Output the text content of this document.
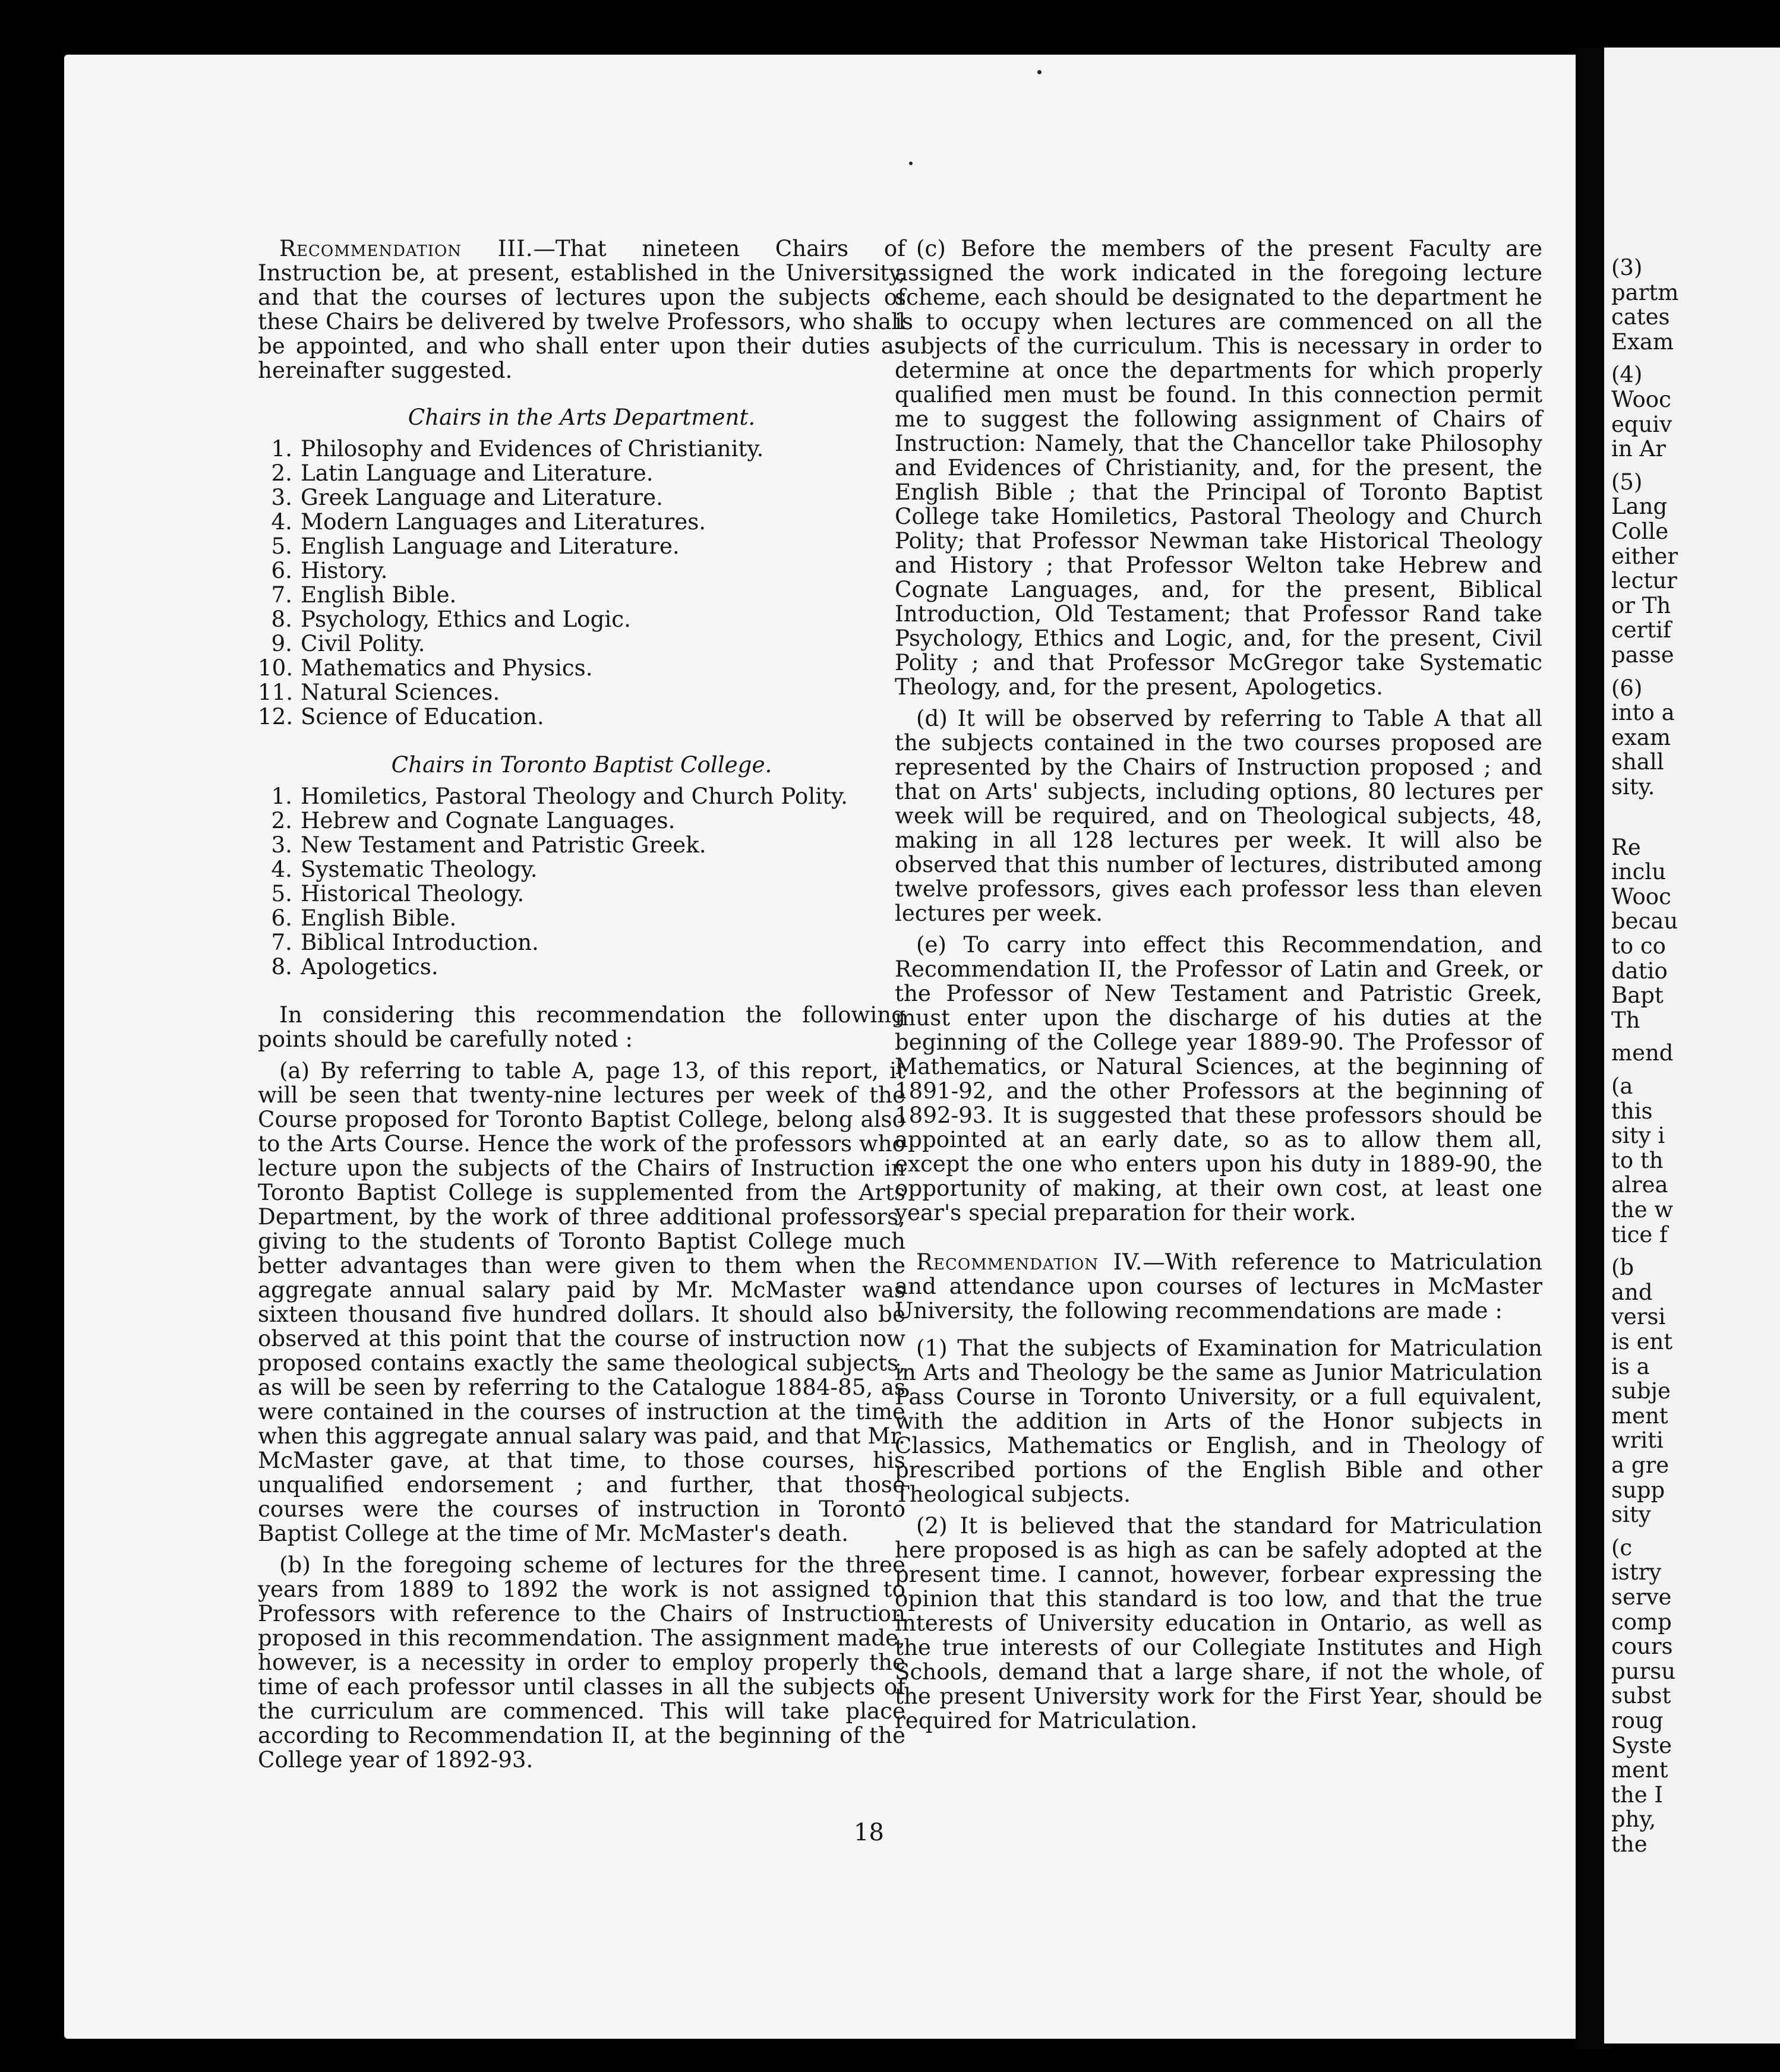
(3)
partm
cates
Exam
(4)
Wooc
equiv
in Ar
(5)
Lang
Colle
either
lectur
or Th
certif
passe
(6)
into a
exam
shall
sity.
Re
inclu
Wooc
becau
to co
datio
Bapt
Th
mend
(a
this
sity i
to th
alrea
the w
tice f
(b
and
versi
is ent
is a
subje
ment
writi
a gre
supp
sity
(c
istry
serve
comp
cours
pursu
subst
roug
Syste
ment
the I
phy,
the

Recommendation III.—That nineteen Chairs of Instruction be, at present, established in the University, and that the courses of lectures upon the subjects of these Chairs be delivered by twelve Professors, who shall be appointed, and who shall enter upon their duties as hereinafter suggested.

Chairs in the Arts Department.
1. Philosophy and Evidences of Christianity.
2. Latin Language and Literature.
3. Greek Language and Literature.
4. Modern Languages and Literatures.
5. English Language and Literature.
6. History.
7. English Bible.
8. Psychology, Ethics and Logic.
9. Civil Polity.
10. Mathematics and Physics.
11. Natural Sciences.
12. Science of Education.
Chairs in Toronto Baptist College.
1. Homiletics, Pastoral Theology and Church Polity.
2. Hebrew and Cognate Languages.
3. New Testament and Patristic Greek.
4. Systematic Theology.
5. Historical Theology.
6. English Bible.
7. Biblical Introduction.
8. Apologetics.

In considering this recommendation the following points should be carefully noted :

(a) By referring to table A, page 13, of this report, it will be seen that twenty-nine lectures per week of the Course proposed for Toronto Baptist College, belong also to the Arts Course. Hence the work of the professors who lecture upon the subjects of the Chairs of Instruction in Toronto Baptist College is supplemented from the Arts Department, by the work of three additional professors, giving to the students of Toronto Baptist College much better advantages than were given to them when the aggregate annual salary paid by Mr. McMaster was sixteen thousand five hundred dollars. It should also be observed at this point that the course of instruction now proposed contains exactly the same theological subjects, as will be seen by referring to the Catalogue 1884-85, as were contained in the courses of instruction at the time when this aggregate annual salary was paid, and that Mr. McMaster gave, at that time, to those courses, his unqualified endorsement ; and further, that those courses were the courses of instruction in Toronto Baptist College at the time of Mr. McMaster's death.

(b) In the foregoing scheme of lectures for the three years from 1889 to 1892 the work is not assigned to Professors with reference to the Chairs of Instruction proposed in this recommendation. The assignment made, however, is a necessity in order to employ properly the time of each professor until classes in all the subjects of the curriculum are commenced. This will take place according to Recommendation II, at the beginning of the College year of 1892-93.

(c) Before the members of the present Faculty are assigned the work indicated in the foregoing lecture scheme, each should be designated to the department he is to occupy when lectures are commenced on all the subjects of the curriculum. This is necessary in order to determine at once the departments for which properly qualified men must be found. In this connection permit me to suggest the following assignment of Chairs of Instruction: Namely, that the Chancellor take Philosophy and Evidences of Christianity, and, for the present, the English Bible ; that the Principal of Toronto Baptist College take Homiletics, Pastoral Theology and Church Polity; that Professor Newman take Historical Theology and History ; that Professor Welton take Hebrew and Cognate Languages, and, for the present, Biblical Introduction, Old Testament; that Professor Rand take Psychology, Ethics and Logic, and, for the present, Civil Polity ; and that Professor McGregor take Systematic Theology, and, for the present, Apologetics.

(d) It will be observed by referring to Table A that all the subjects contained in the two courses proposed are represented by the Chairs of Instruction proposed ; and that on Arts' subjects, including options, 80 lectures per week will be required, and on Theological subjects, 48, making in all 128 lectures per week. It will also be observed that this number of lectures, distributed among twelve professors, gives each professor less than eleven lectures per week.

(e) To carry into effect this Recommendation, and Recommendation II, the Professor of Latin and Greek, or the Professor of New Testament and Patristic Greek, must enter upon the discharge of his duties at the beginning of the College year 1889-90. The Professor of Mathematics, or Natural Sciences, at the beginning of 1891-92, and the other Professors at the beginning of 1892-93. It is suggested that these professors should be appointed at an early date, so as to allow them all, except the one who enters upon his duty in 1889-90, the opportunity of making, at their own cost, at least one year's special preparation for their work.

Recommendation IV.—With reference to Matriculation and attendance upon courses of lectures in McMaster University, the following recommendations are made :

(1) That the subjects of Examination for Matriculation in Arts and Theology be the same as Junior Matriculation Pass Course in Toronto University, or a full equivalent, with the addition in Arts of the Honor subjects in Classics, Mathematics or English, and in Theology of prescribed portions of the English Bible and other Theological subjects.

(2) It is believed that the standard for Matriculation here proposed is as high as can be safely adopted at the present time. I cannot, however, forbear expressing the opinion that this standard is too low, and that the true interests of University education in Ontario, as well as the true interests of our Collegiate Institutes and High Schools, demand that a large share, if not the whole, of the present University work for the First Year, should be required for Matriculation.

18
